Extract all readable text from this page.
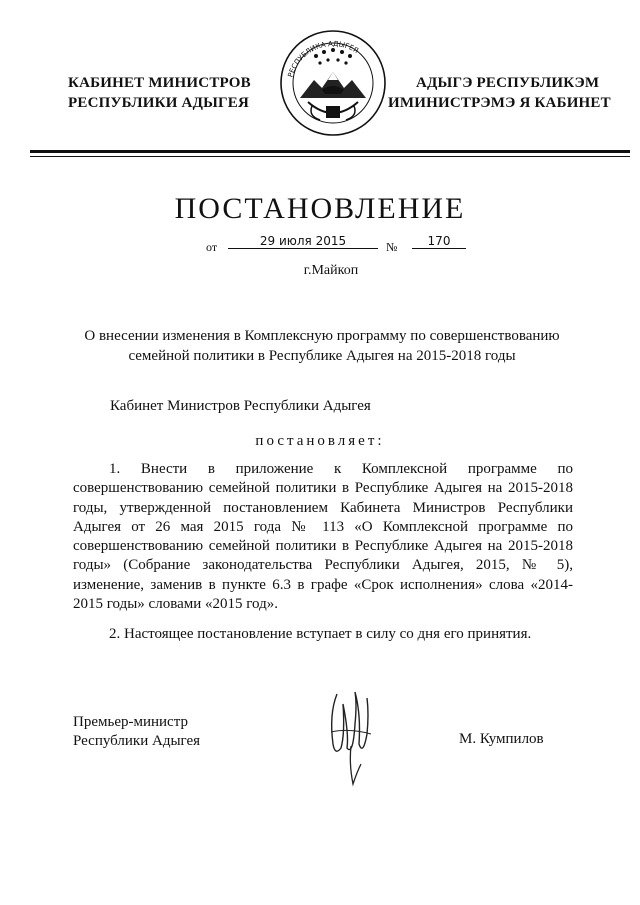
КАБИНЕТ МИНИСТРОВ
РЕСПУБЛИКИ АДЫГЕЯ
РЕСПУБЛИКА АДЫГЕЯ
АДЫГЭ РЕСПУБЛИКЭМ
ИМИНИСТРЭМЭ Я КАБИНЕТ
ПОСТАНОВЛЕНИЕ
от	29 июля 2015	№	170
г.Майкоп
О внесении изменения в Комплексную программу по совершенствованию семейной политики в Республике Адыгея на 2015-2018 годы
Кабинет Министров Республики Адыгея
постановляет:
1. Внести в приложение к Комплексной программе по совершенствованию семейной политики в Республике Адыгея на 2015-2018 годы, утвержденной постановлением Кабинета Министров Республики Адыгея от 26 мая 2015 года № 113 «О Комплексной программе по совершенствованию семейной политики в Республике Адыгея на 2015-2018 годы» (Собрание законодательства Республики Адыгея, 2015, № 5), изменение, заменив в пункте 6.3 в графе «Срок исполнения» слова «2014-2015 годы» словами «2015 год».
2. Настоящее постановление вступает в силу со дня его принятия.
Премьер-министр
Республики Адыгея	М. Кумпилов
